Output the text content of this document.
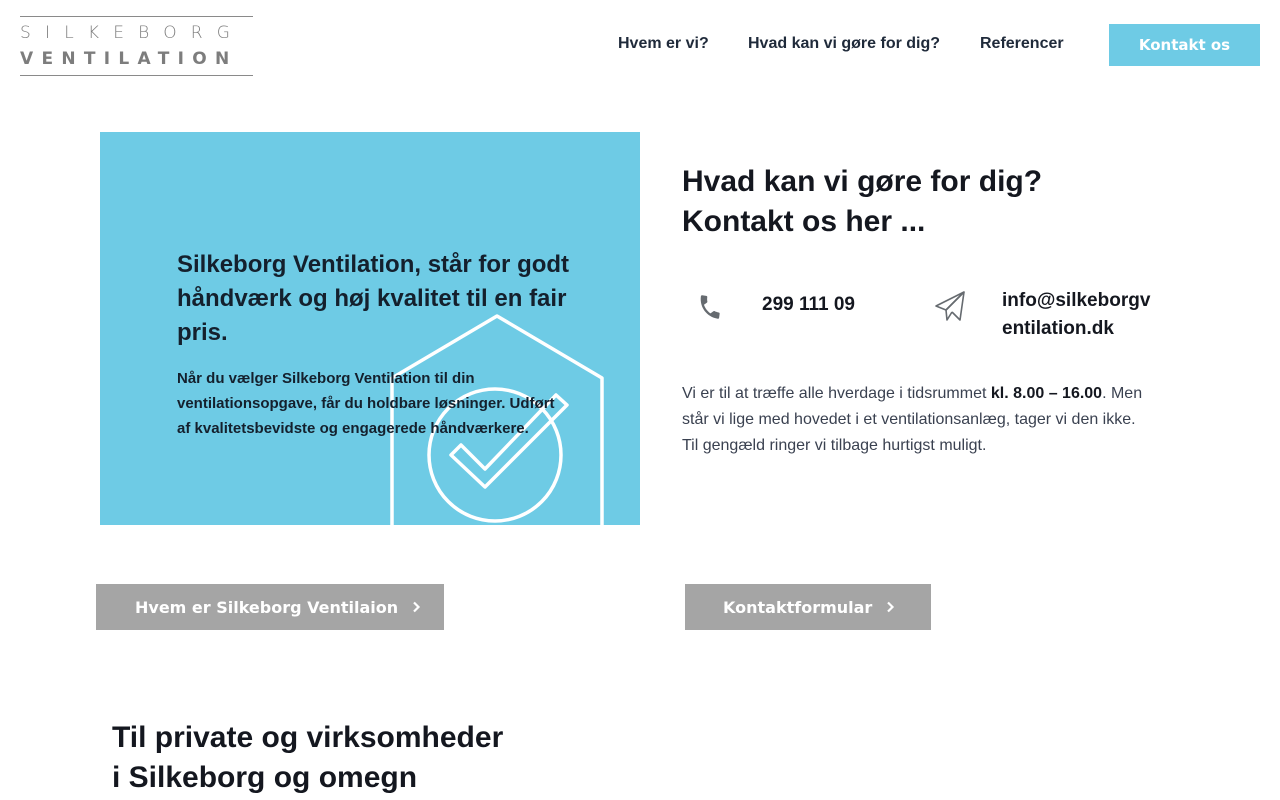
SILKEBORG
VENTILATION
Hvem er vi? Hvad kan vi gøre for dig? Referencer	Kontakt os
Silkeborg Ventilation, står for godt håndværk og høj kvalitet til en fair pris.

Når du vælger Silkeborg Ventilation til din ventilationsopgave, får du holdbare løsninger. Udført af kvalitetsbevidste og engagerede håndværkere.

Hvad kan vi gøre for dig?
Kontakt os her ...
299 111 09	info@silkeborgventilation.dk
Vi er til at træffe alle hverdage i tidsrummet kl. 8.00 – 16.00. Men står vi lige med hovedet i et ventilationsanlæg, tager vi den ikke. Til gengæld ringer vi tilbage hurtigst muligt.
Hvem er Silkeborg Ventilaion	Kontaktformular
Til private og virksomheder
i Silkeborg og omegn
